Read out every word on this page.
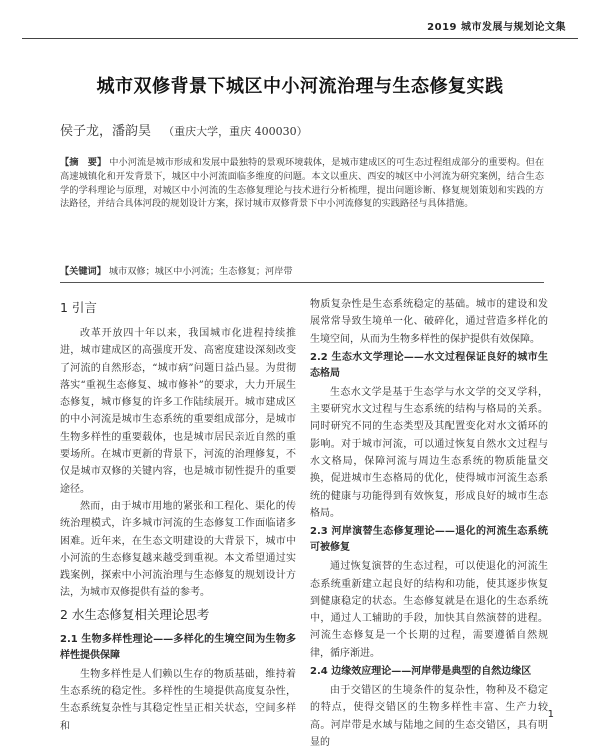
2019 城市发展与规划论文集
城市双修背景下城区中小河流治理与生态修复实践
侯子龙，潘韵昊 （重庆大学，重庆 400030）
【摘　要】 中小河流是城市形成和发展中最独特的景观环境载体，是城市建成区的可生态过程组成部分的重要构。但在高速城镇化和开发背景下，城区中小河流面临多维度的问题。本文以重庆、西安的城区中小河流为研究案例，结合生态学的学科理论与原理，对城区中小河流的生态修复理论与技术进行分析梳理，提出问题诊断、修复规划策划和实践的方法路径，并结合具体河段的规划设计方案，探讨城市双修背景下中小河流修复的实践路径与具体措施。
【关键词】 城市双修；城区中小河流；生态修复；河岸带
1 引言

改革开放四十年以来，我国城市化进程持续推进，城市建成区的高强度开发、高密度建设深刻改变了河流的自然形态，“城市病”问题日益凸显。为贯彻落实“重视生态修复、城市修补”的要求，大力开展生态修复，城市修复的许多工作陆续展开。城市建成区的中小河流是城市生态系统的重要组成部分，是城市生物多样性的重要载体，也是城市居民亲近自然的重要场所。在城市更新的背景下，河流的治理修复，不仅是城市双修的关键内容，也是城市韧性提升的重要途径。

然而，由于城市用地的紧张和工程化、渠化的传统治理模式，许多城市河流的生态修复工作面临诸多困难。近年来，在生态文明建设的大背景下，城市中小河流的生态修复越来越受到重视。本文希望通过实践案例，探索中小河流治理与生态修复的规划设计方法，为城市双修提供有益的参考。

2 水生态修复相关理论思考
2.1 生物多样性理论——多样化的生境空间为生物多样性提供保障

生物多样性是人们赖以生存的物质基础，维持着生态系统的稳定性。多样性的生境提供高度复杂性，生态系统复杂性与其稳定性呈正相关状态，空间多样和

物质复杂性是生态系统稳定的基础。城市的建设和发展常常导致生境单一化、破碎化，通过营造多样化的生境空间，从而为生物多样性的保护提供有效保障。

2.2 生态水文学理论——水文过程保证良好的城市生态格局

生态水文学是基于生态学与水文学的交叉学科，主要研究水文过程与生态系统的结构与格局的关系。同时研究不同的生态类型及其配置变化对水文循环的影响。对于城市河流，可以通过恢复自然水文过程与水文格局，保障河流与周边生态系统的物质能量交换，促进城市生态格局的优化，使得城市河流生态系统的健康与功能得到有效恢复，形成良好的城市生态格局。

2.3 河岸演替生态修复理论——退化的河流生态系统可被修复

通过恢复演替的生态过程，可以使退化的河流生态系统重新建立起良好的结构和功能，使其逐步恢复到健康稳定的状态。生态修复就是在退化的生态系统中，通过人工辅助的手段，加快其自然演替的进程。河流生态修复是一个长期的过程，需要遵循自然规律，循序渐进。

2.4 边缘效应理论——河岸带是典型的自然边缘区

由于交错区的生境条件的复杂性，物种及不稳定的特点，使得交错区的生物多样性丰富、生产力较高。河岸带是水域与陆地之间的生态交错区，具有明显的

1
